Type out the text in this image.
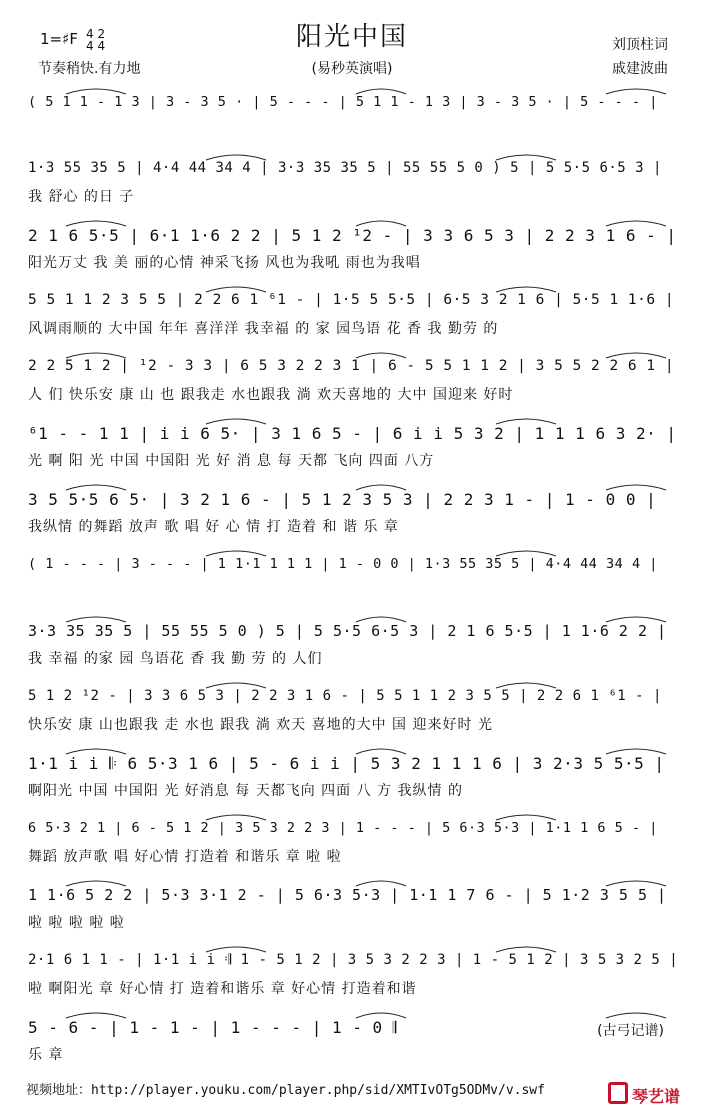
1=♯F 4 2
4 4
节奏稍快.有力地
阳光中国
(易秒英演唱)
刘顶柱词
戚建波曲
( 5 1 1 - 1 3 | 3 - 3 5 · | 5 - - - | 5 1 1 - 1 3 | 3 - 3 5 · | 5 - - - |
1·3 55 35 5 | 4·4 44 34 4 | 3·3 35 35 5 | 55 55 5 0 ) 5 | 5 5·5 6·5 3 |
我 舒心 的日 子
2 1 6 5·5 | 6·1 1·6 2 2 | 5 1 2 ¹2 - | 3 3 6 5 3 | 2 2 3 1 6 - |
阳光万丈 我 美 丽的心情 神采飞扬 风也为我吼 雨也为我唱
5 5 1 1 2 3 5 5 | 2 2 6 1 ⁶1 - | 1·5 5 5·5 | 6·5 3 2 1 6 | 5·5 1 1·6 |
风调雨顺的 大中国 年年 喜洋洋 我幸福 的 家 园鸟语 花 香 我 勤劳 的
2 2 5 1 2 | ¹2 - 3 3 | 6 5 3 2 2 3 1 | 6 - 5 5 1 1 2 | 3 5 5 2 2 6 1 |
人 们 快乐安 康 山 也 跟我走 水也跟我 淌 欢天喜地的 大中 国迎来 好时
⁶1 - - 1 1 | i i 6 5· | 3 1 6 5 - | 6 i i 5 3 2 | 1 1 1 6 3 2· |
光 啊 阳 光 中国 中国阳 光 好 消 息 每 天都 飞向 四面 八方
3 5 5·5 6 5· | 3 2 1 6 - | 5 1 2 3 5 3 | 2 2 3 1 - | 1 - 0 0 |
我纵情 的舞蹈 放声 歌 唱 好 心 情 打 造着 和 谐 乐 章
( 1 - - - | 3 - - - | 1 1·1 1 1 1 | 1 - 0 0 | 1·3 55 35 5 | 4·4 44 34 4 |
3·3 35 35 5 | 55 55 5 0 ) 5 | 5 5·5 6·5 3 | 2 1 6 5·5 | 1 1·6 2 2 |
我 幸福 的家 园 鸟语花 香 我 勤 劳 的 人们
5 1 2 ¹2 - | 3 3 6 5 3 | 2 2 3 1 6 - | 5 5 1 1 2 3 5 5 | 2 2 6 1 ⁶1 - |
快乐安 康 山也跟我 走 水也 跟我 淌 欢天 喜地的大中 国 迎来好时 光
1·1 i i 𝄆 6 5·3 1 6 | 5 - 6 i i | 5 3 2 1 1 1 6 | 3 2·3 5 5·5 |
啊阳光 中国 中国阳 光 好消息 每 天都飞向 四面 八 方 我纵情 的
6 5·3 2 1 | 6 - 5 1 2 | 3 5 3 2 2 3 | 1 - - - | 5 6·3 5·3 | 1·1 1 6 5 - |
舞蹈 放声歌 唱 好心情 打造着 和谐乐 章 啦 啦
1 1·6 5 2 2 | 5·3 3·1 2 - | 5 6·3 5·3 | 1·1 1 7 6 - | 5 1·2 3 5 5 |
啦 啦 啦 啦 啦
2·1 6 1 1 - | 1·1 i i 𝄇 1 - 5 1 2 | 3 5 3 2 2 3 | 1 - 5 1 2 | 3 5 3 2 5 |
啦 啊阳光 章 好心情 打 造着和谐乐 章 好心情 打造着和谐
5 - 6 - | 1 - 1 - | 1 - - - | 1 - 0 𝄂
乐 章
(古弓记谱)
视频地址：http://player.youku.com/player.php/sid/XMTIvOTg5ODMv/v.swf	琴艺谱
